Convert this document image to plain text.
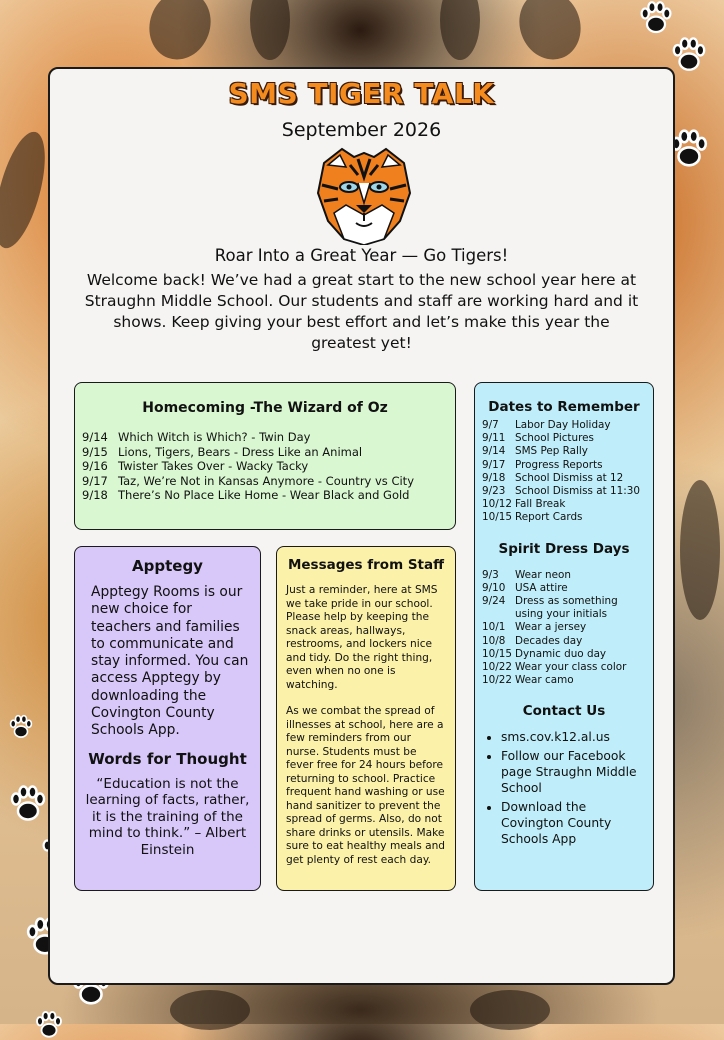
SMS TIGER TALK
September 2026
Roar Into a Great Year — Go Tigers!
Welcome back! We’ve had a great start to the new school year here at Straughn Middle School. Our students and staff are working hard and it shows. Keep giving your best effort and let’s make this year the greatest yet!
Homecoming -The Wizard of Oz
9/14 Which Witch is Which? - Twin Day
9/15 Lions, Tigers, Bears - Dress Like an Animal
9/16 Twister Takes Over - Wacky Tacky
9/17 Taz, We’re Not in Kansas Anymore - Country vs City
9/18 There’s No Place Like Home - Wear Black and Gold
Apptegy
Apptegy Rooms is our new choice for teachers and families to communicate and stay informed. You can access Apptegy by downloading the Covington County Schools App.
Words for Thought
“Education is not the learning of facts, rather, it is the training of the mind to think.” – Albert Einstein
Messages from Staff

Just a reminder, here at SMS we take pride in our school. Please help by keeping the snack areas, hallways, restrooms, and lockers nice and tidy. Do the right thing, even when no one is watching.

As we combat the spread of illnesses at school, here are a few reminders from our nurse. Students must be fever free for 24 hours before returning to school. Practice frequent hand washing or use hand sanitizer to prevent the spread of germs. Also, do not share drinks or utensils. Make sure to eat healthy meals and get plenty of rest each day.

Dates to Remember
9/7 Labor Day Holiday
9/11 School Pictures
9/14 SMS Pep Rally
9/17 Progress Reports
9/18 School Dismiss at 12
9/23 School Dismiss at 11:30
10/12 Fall Break
10/15 Report Cards
Spirit Dress Days
9/3 Wear neon
9/10 USA attire
9/24 Dress as something
using your initials
10/1 Wear a jersey
10/8 Decades day
10/15 Dynamic duo day
10/22 Wear your class color
10/22 Wear camo
Contact Us
• sms.cov.k12.al.us
• Follow our Facebook page Straughn Middle School
• Download the Covington County Schools App
